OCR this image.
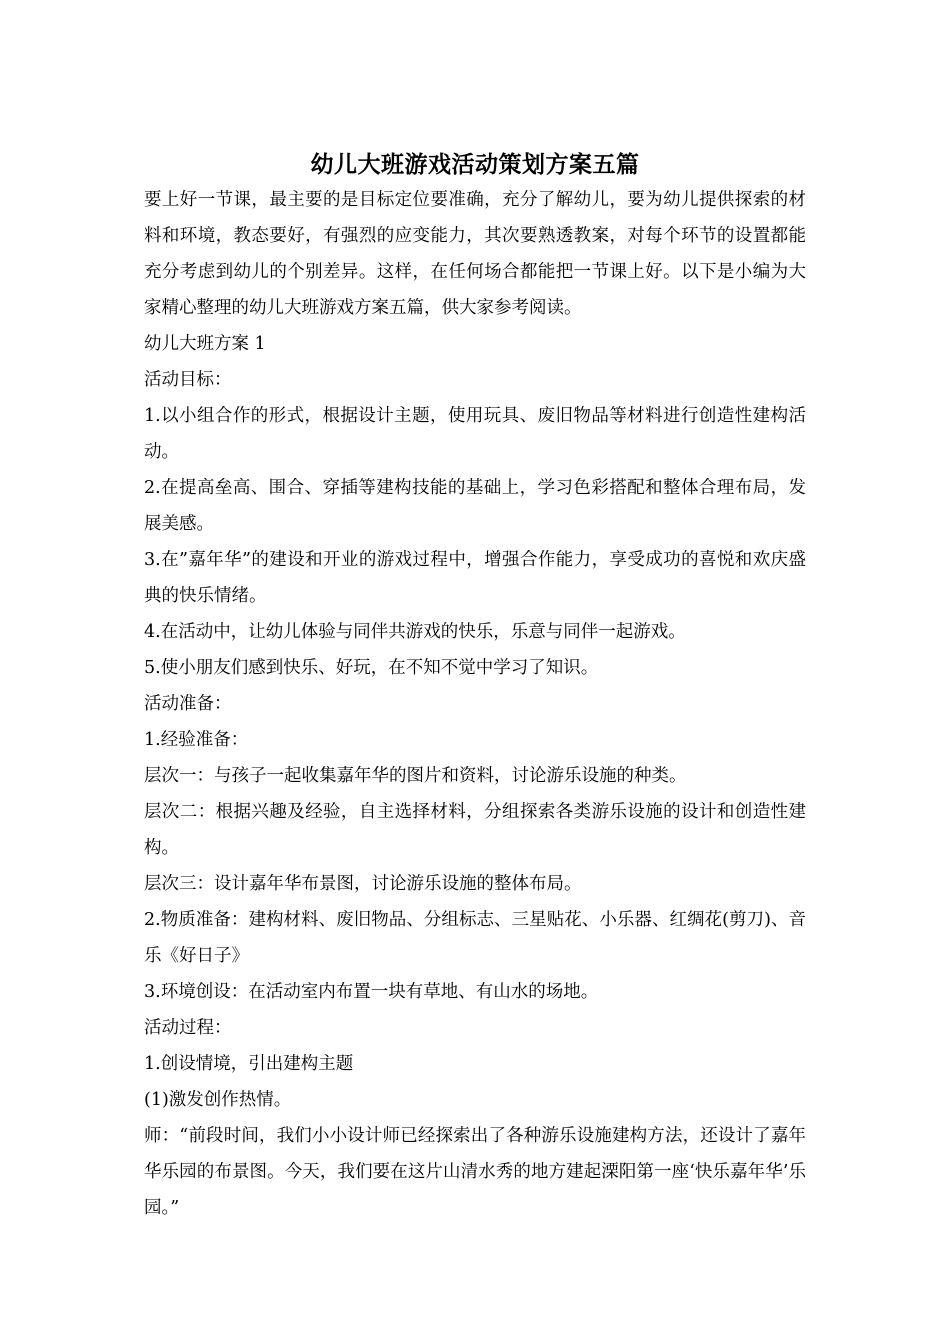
幼儿大班游戏活动策划方案五篇

要上好一节课，最主要的是目标定位要准确，充分了解幼儿，要为幼儿提供探索的材料和环境，教态要好，有强烈的应变能力，其次要熟透教案，对每个环节的设置都能充分考虑到幼儿的个别差异。这样，在任何场合都能把一节课上好。以下是小编为大家精心整理的幼儿大班游戏方案五篇，供大家参考阅读。

幼儿大班方案 1

活动目标：

1.以小组合作的形式，根据设计主题，使用玩具、废旧物品等材料进行创造性建构活动。

2.在提高垒高、围合、穿插等建构技能的基础上，学习色彩搭配和整体合理布局，发展美感。

3.在”嘉年华”的建设和开业的游戏过程中，增强合作能力，享受成功的喜悦和欢庆盛典的快乐情绪。

4.在活动中，让幼儿体验与同伴共游戏的快乐，乐意与同伴一起游戏。

5.使小朋友们感到快乐、好玩，在不知不觉中学习了知识。

活动准备：

1.经验准备：

层次一：与孩子一起收集嘉年华的图片和资料，讨论游乐设施的种类。

层次二：根据兴趣及经验，自主选择材料，分组探索各类游乐设施的设计和创造性建构。

层次三：设计嘉年华布景图，讨论游乐设施的整体布局。

2.物质准备：建构材料、废旧物品、分组标志、三星贴花、小乐器、红绸花(剪刀)、音乐《好日子》

3.环境创设：在活动室内布置一块有草地、有山水的场地。

活动过程：

1.创设情境，引出建构主题

(1)激发创作热情。

师：“前段时间，我们小小设计师已经探索出了各种游乐设施建构方法，还设计了嘉年华乐园的布景图。今天，我们要在这片山清水秀的地方建起溧阳第一座‘快乐嘉年华’乐园。”
